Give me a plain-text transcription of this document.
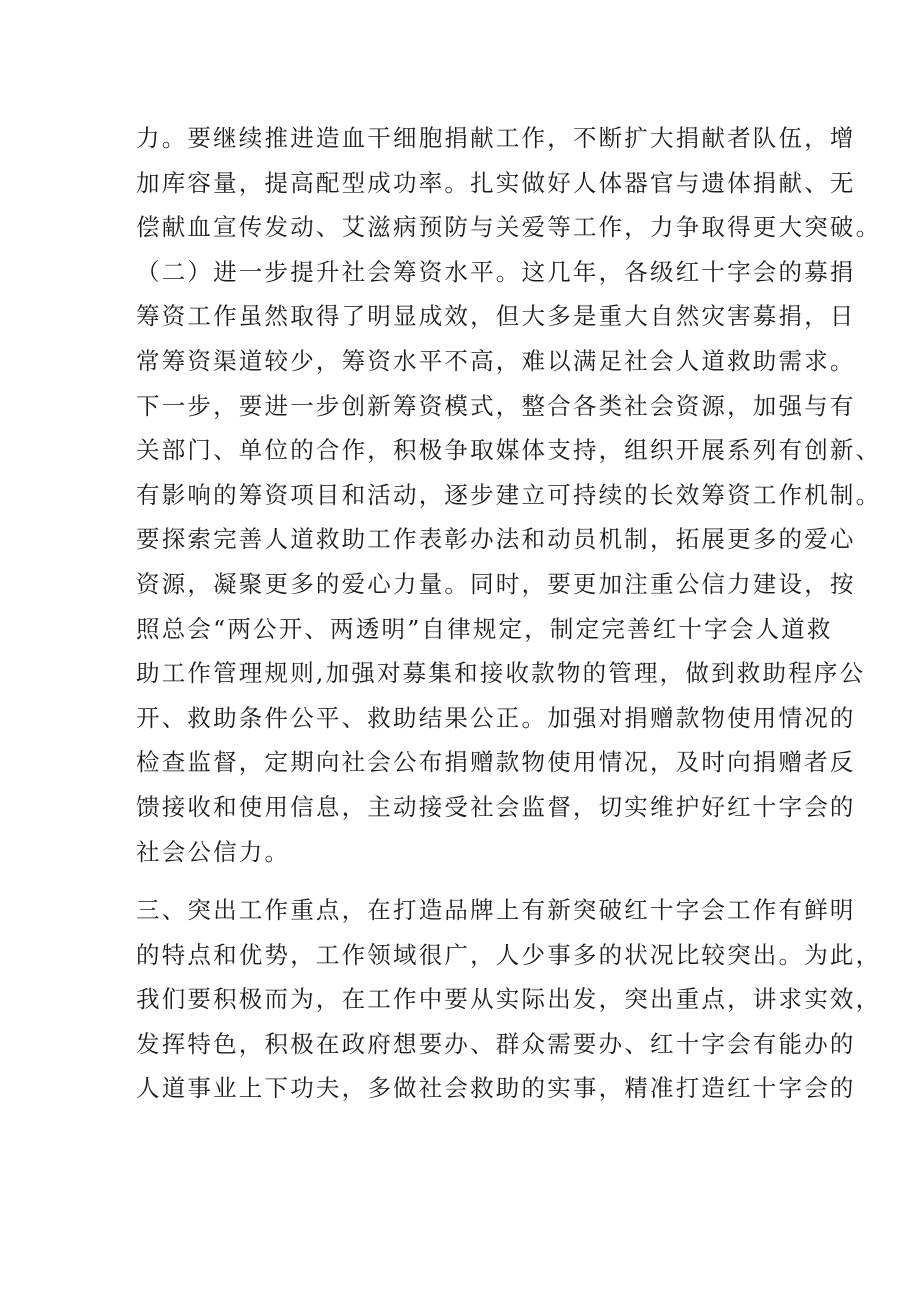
力。要继续推进造血干细胞捐献工作，不断扩大捐献者队伍，增
加库容量，提高配型成功率。扎实做好人体器官与遗体捐献、无
偿献血宣传发动、艾滋病预防与关爱等工作，力争取得更大突破。
（二）进一步提升社会筹资水平。这几年，各级红十字会的募捐
筹资工作虽然取得了明显成效，但大多是重大自然灾害募捐，日
常筹资渠道较少，筹资水平不高，难以满足社会人道救助需求。
下一步，要进一步创新筹资模式，整合各类社会资源，加强与有
关部门、单位的合作，积极争取媒体支持，组织开展系列有创新、
有影响的筹资项目和活动，逐步建立可持续的长效筹资工作机制。
要探索完善人道救助工作表彰办法和动员机制，拓展更多的爱心
资源，凝聚更多的爱心力量。同时，要更加注重公信力建设，按
照总会“两公开、两透明”自律规定，制定完善红十字会人道救
助工作管理规则,加强对募集和接收款物的管理，做到救助程序公
开、救助条件公平、救助结果公正。加强对捐赠款物使用情况的
检查监督，定期向社会公布捐赠款物使用情况，及时向捐赠者反
馈接收和使用信息，主动接受社会监督，切实维护好红十字会的
社会公信力。
三、突出工作重点，在打造品牌上有新突破红十字会工作有鲜明
的特点和优势，工作领域很广，人少事多的状况比较突出。为此，
我们要积极而为，在工作中要从实际出发，突出重点，讲求实效，
发挥特色，积极在政府想要办、群众需要办、红十字会有能办的
人道事业上下功夫，多做社会救助的实事，精准打造红十字会的
